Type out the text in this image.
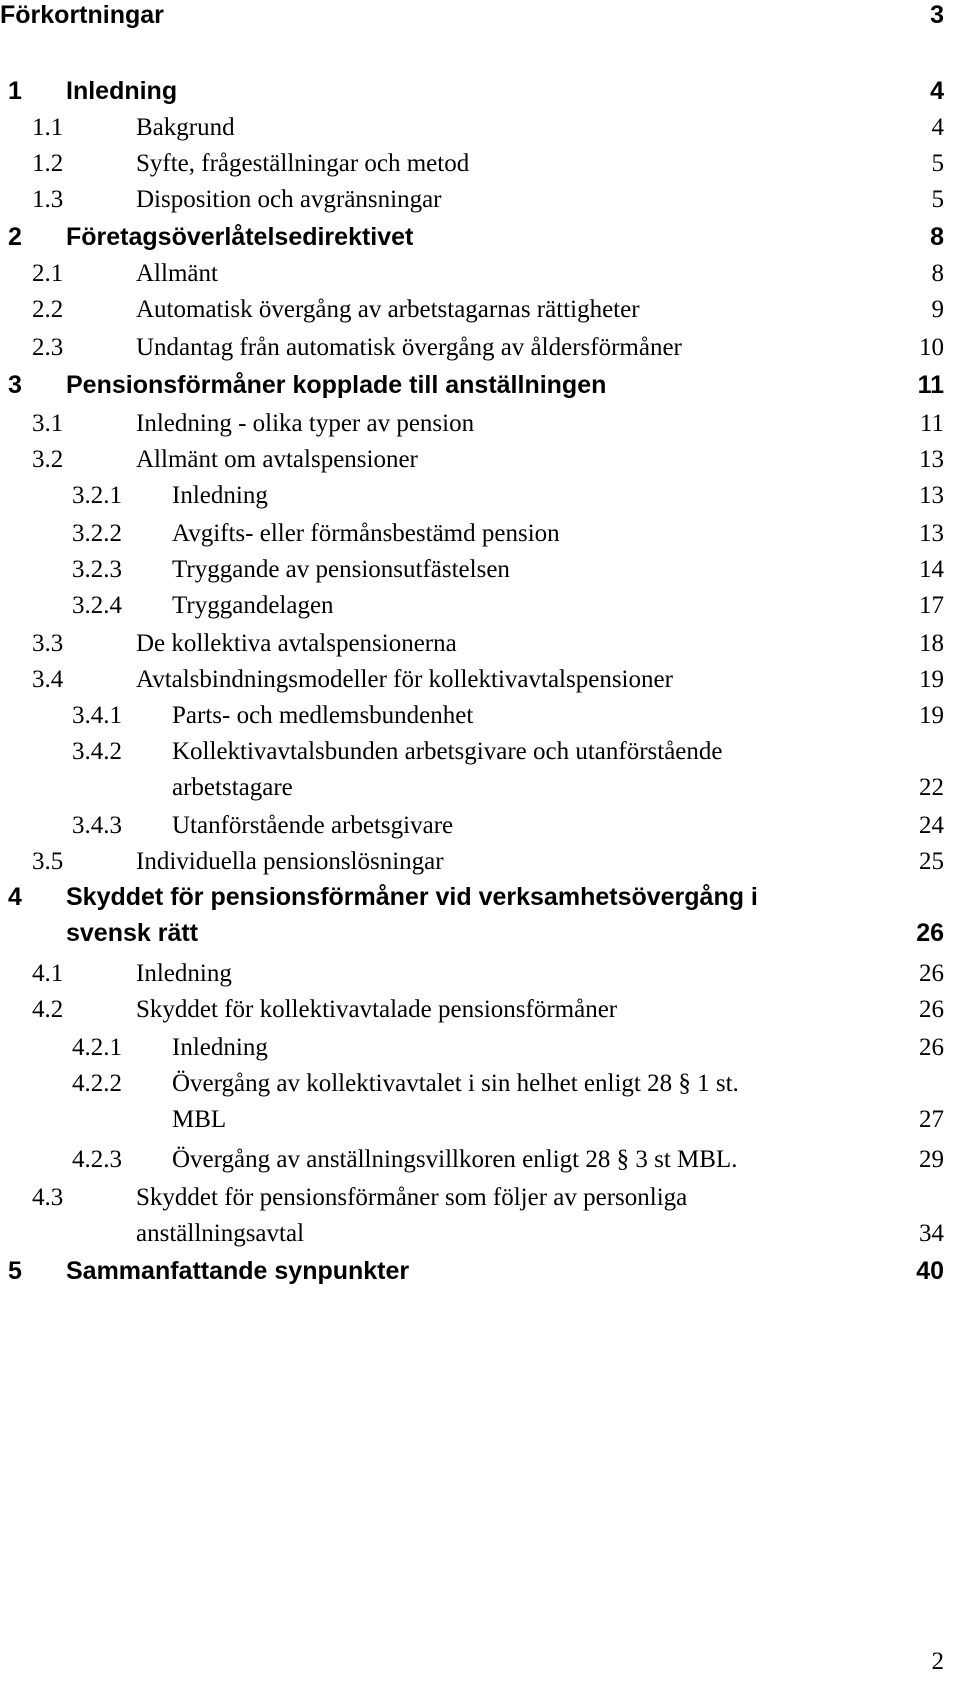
Förkortningar	3
1 Inledning	4
1.1	Bakgrund	4
1.2	Syfte, frågeställningar och metod	5
1.3	Disposition och avgränsningar	5
2 Företagsöverlåtelsedirektivet	8
2.1	Allmänt	8
2.2	Automatisk övergång av arbetstagarnas rättigheter	9
2.3	Undantag från automatisk övergång av åldersförmåner	10
3 Pensionsförmåner kopplade till anställningen	11
3.1	Inledning - olika typer av pension	11
3.2	Allmänt om avtalspensioner	13
3.2.1 Inledning	13
3.2.2 Avgifts- eller förmånsbestämd pension	13
3.2.3 Tryggande av pensionsutfästelsen	14
3.2.4 Tryggandelagen	17
3.3	De kollektiva avtalspensionerna	18
3.4	Avtalsbindningsmodeller för kollektivavtalspensioner	19
3.4.1 Parts- och medlemsbundenhet	19
3.4.2 Kollektivavtalsbunden arbetsgivare och utanförstående
arbetstagare	22
3.4.3 Utanförstående arbetsgivare	24
3.5	Individuella pensionslösningar	25
4 Skyddet för pensionsförmåner vid verksamhetsövergång i
svensk rätt	26
4.1	Inledning	26
4.2	Skyddet för kollektivavtalade pensionsförmåner	26
4.2.1 Inledning	26
4.2.2 Övergång av kollektivavtalet i sin helhet enligt 28 § 1 st.
MBL	27
4.2.3 Övergång av anställningsvillkoren enligt 28 § 3 st MBL.	29
4.3	Skyddet för pensionsförmåner som följer av personliga
anställningsavtal	34
5 Sammanfattande synpunkter	40
2
